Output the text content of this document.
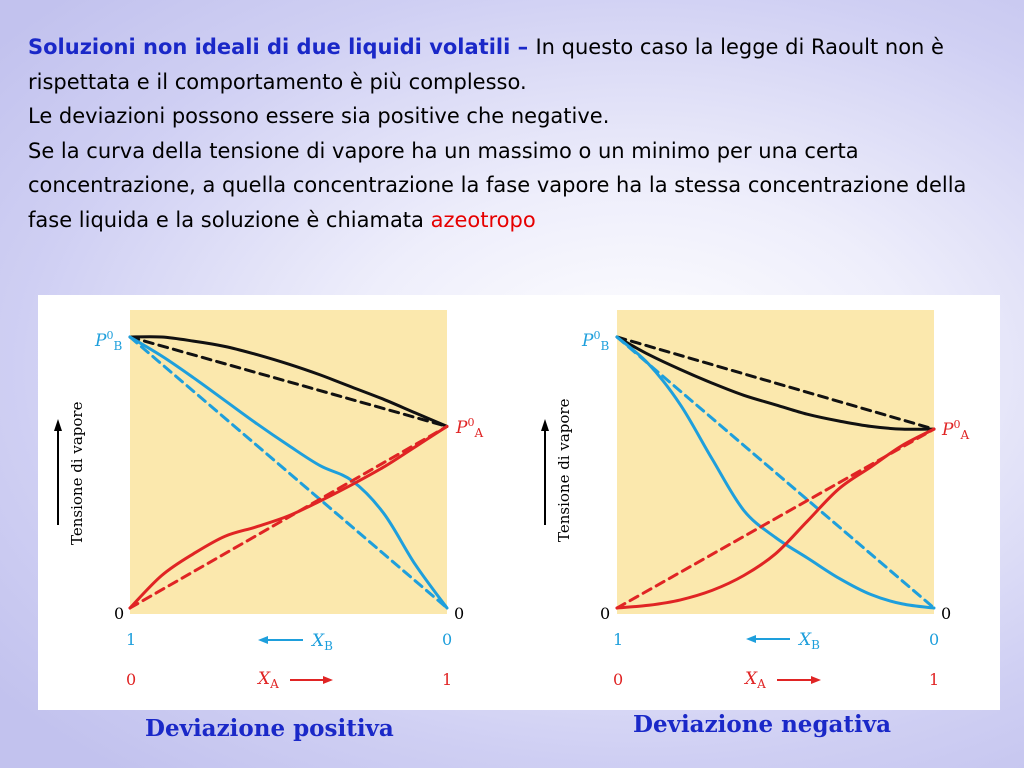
Soluzioni non ideali di due liquidi volatili – In questo caso la legge di Raoult non è rispettata e il comportamento è più complesso.

Le deviazioni possono essere sia positive che negative.

Se la curva della tensione di vapore ha un massimo o un minimo per una certa concentrazione, a quella concentrazione la fase vapore ha la stessa concentrazione della fase liquida e la soluzione è chiamata azeotropo

Tensione di vapore
$P^0_B$
$P^0_A$
0	0
1	0
$X_B$
0	1
$X_A$
Tensione di vapore
$P^0_B$
$P^0_A$
0	0
1	0
$X_B$
0	1
$X_A$
Deviazione positiva	Deviazione negativa
